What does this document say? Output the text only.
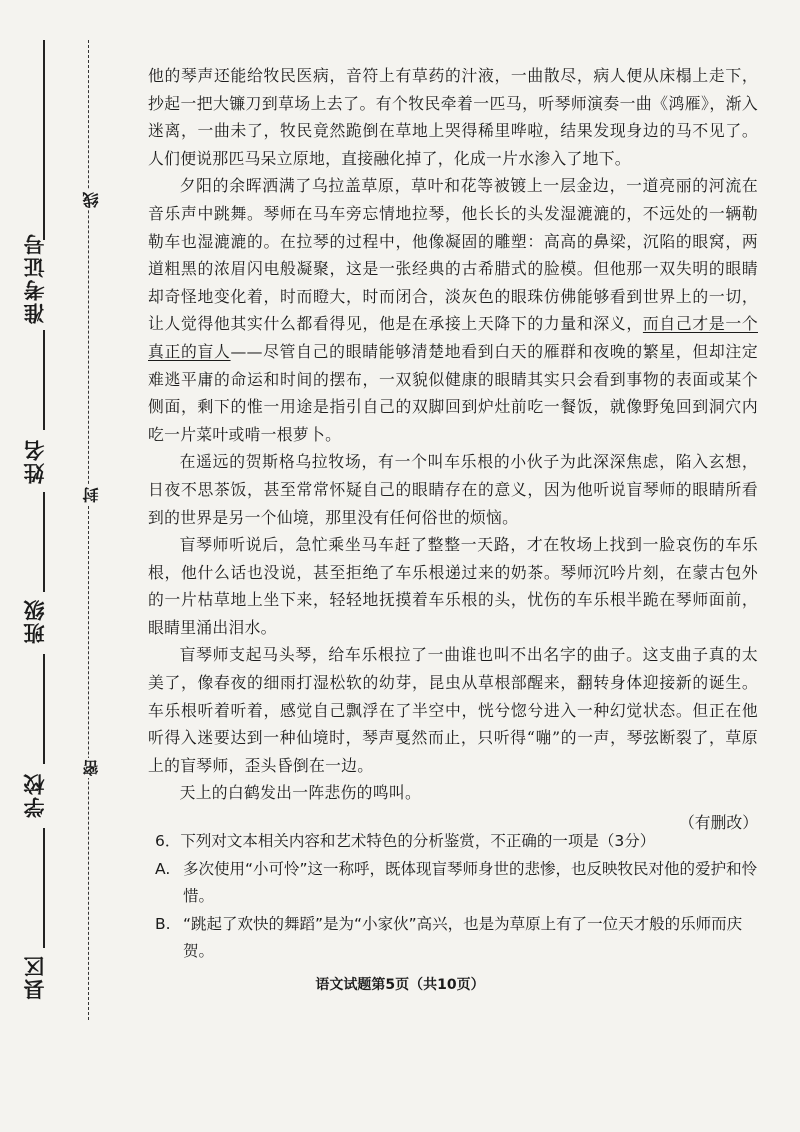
准考证号
姓名
班级
学校
县区
线
封
密

他的琴声还能给牧民医病，音符上有草药的汁液，一曲散尽，病人便从床榻上走下，抄起一把大镰刀到草场上去了。有个牧民牵着一匹马，听琴师演奏一曲《鸿雁》，渐入迷离，一曲未了，牧民竟然跪倒在草地上哭得稀里哗啦，结果发现身边的马不见了。人们便说那匹马呆立原地，直接融化掉了，化成一片水渗入了地下。

夕阳的余晖洒满了乌拉盖草原，草叶和花等被镀上一层金边，一道亮丽的河流在音乐声中跳舞。琴师在马车旁忘情地拉琴，他长长的头发湿漉漉的，不远处的一辆勒勒车也湿漉漉的。在拉琴的过程中，他像凝固的雕塑：高高的鼻梁，沉陷的眼窝，两道粗黑的浓眉闪电般凝聚，这是一张经典的古希腊式的脸模。但他那一双失明的眼睛却奇怪地变化着，时而瞪大，时而闭合，淡灰色的眼珠仿佛能够看到世界上的一切，让人觉得他其实什么都看得见，他是在承接上天降下的力量和深义，而自己才是一个真正的盲人——尽管自己的眼睛能够清楚地看到白天的雁群和夜晚的繁星，但却注定难逃平庸的命运和时间的摆布，一双貌似健康的眼睛其实只会看到事物的表面或某个侧面，剩下的惟一用途是指引自己的双脚回到炉灶前吃一餐饭，就像野兔回到洞穴内吃一片菜叶或啃一根萝卜。

在遥远的贺斯格乌拉牧场，有一个叫车乐根的小伙子为此深深焦虑，陷入玄想，日夜不思茶饭，甚至常常怀疑自己的眼睛存在的意义，因为他听说盲琴师的眼睛所看到的世界是另一个仙境，那里没有任何俗世的烦恼。

盲琴师听说后，急忙乘坐马车赶了整整一天路，才在牧场上找到一脸哀伤的车乐根，他什么话也没说，甚至拒绝了车乐根递过来的奶茶。琴师沉吟片刻，在蒙古包外的一片枯草地上坐下来，轻轻地抚摸着车乐根的头，忧伤的车乐根半跪在琴师面前，眼睛里涌出泪水。

盲琴师支起马头琴，给车乐根拉了一曲谁也叫不出名字的曲子。这支曲子真的太美了，像春夜的细雨打湿松软的幼芽，昆虫从草根部醒来，翻转身体迎接新的诞生。车乐根听着听着，感觉自己飘浮在了半空中，恍兮惚兮进入一种幻觉状态。但正在他听得入迷要达到一种仙境时，琴声戛然而止，只听得“嘣”的一声，琴弦断裂了，草原上的盲琴师，歪头昏倒在一边。

天上的白鹤发出一阵悲伤的鸣叫。

（有删改）

6．下列对文本相关内容和艺术特色的分析鉴赏，不正确的一项是（3分）

A. 多次使用“小可怜”这一称呼，既体现盲琴师身世的悲惨，也反映牧民对他的爱护和怜惜。

B. “跳起了欢快的舞蹈”是为“小家伙”高兴，也是为草原上有了一位天才般的乐师而庆贺。

语文试题第5页（共10页）
